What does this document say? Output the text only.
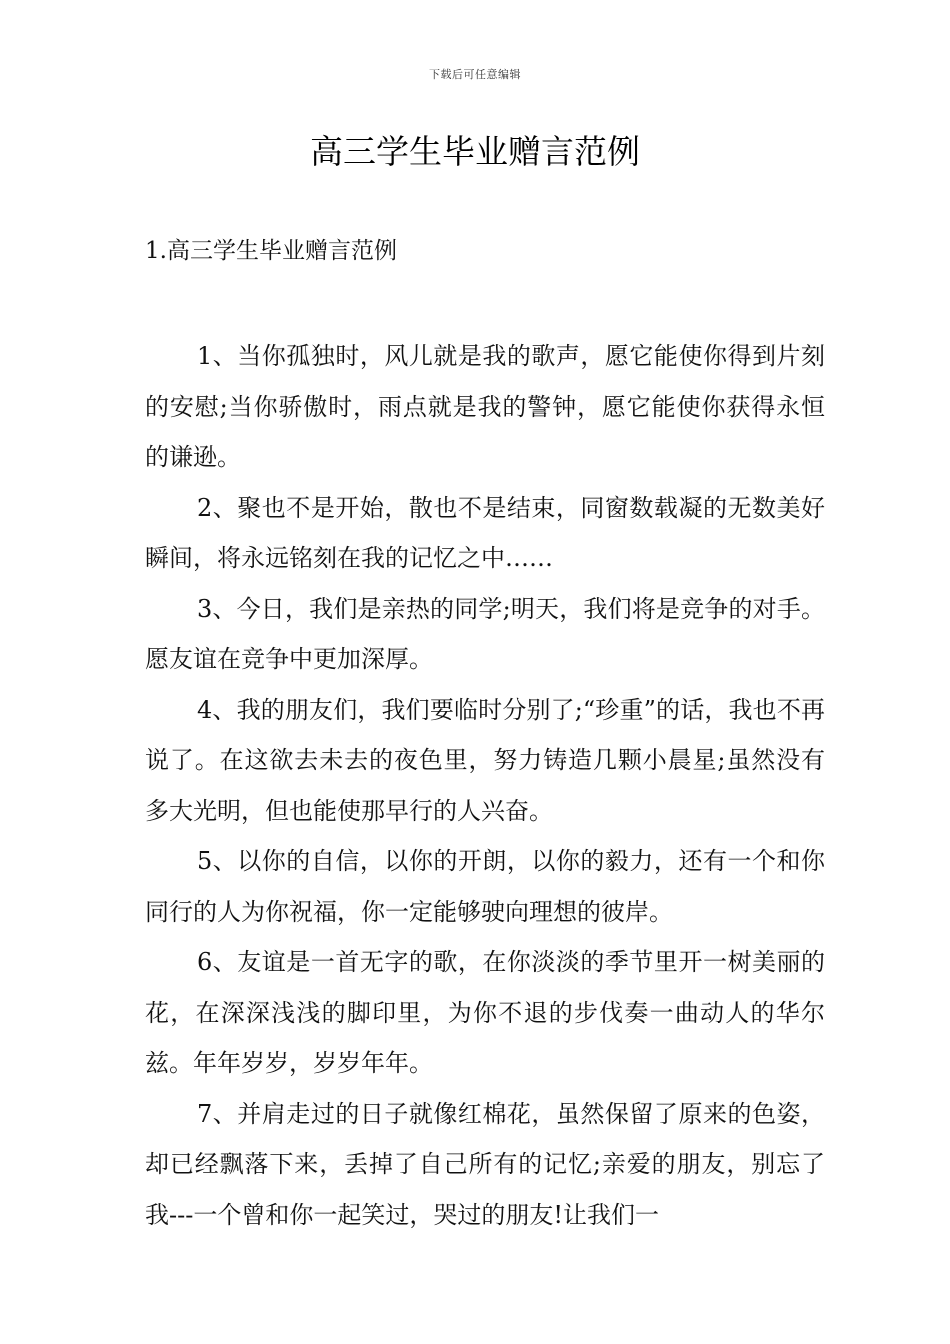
下载后可任意编辑
高三学生毕业赠言范例
1.高三学生毕业赠言范例

1、当你孤独时，风儿就是我的歌声，愿它能使你得到片刻的安慰;当你骄傲时，雨点就是我的警钟，愿它能使你获得永恒的谦逊。

2、聚也不是开始，散也不是结束，同窗数载凝的无数美好瞬间，将永远铭刻在我的记忆之中……

3、今日，我们是亲热的同学;明天，我们将是竞争的对手。愿友谊在竞争中更加深厚。

4、我的朋友们，我们要临时分别了;“珍重”的话，我也不再说了。在这欲去未去的夜色里，努力铸造几颗小晨星;虽然没有多大光明，但也能使那早行的人兴奋。

5、以你的自信，以你的开朗，以你的毅力，还有一个和你同行的人为你祝福，你一定能够驶向理想的彼岸。

6、友谊是一首无字的歌，在你淡淡的季节里开一树美丽的花，在深深浅浅的脚印里，为你不退的步伐奏一曲动人的华尔兹。年年岁岁，岁岁年年。

7、并肩走过的日子就像红棉花，虽然保留了原来的色姿，却已经飘落下来，丢掉了自己所有的记忆;亲爱的朋友，别忘了我---一个曾和你一起笑过，哭过的朋友!让我们一
